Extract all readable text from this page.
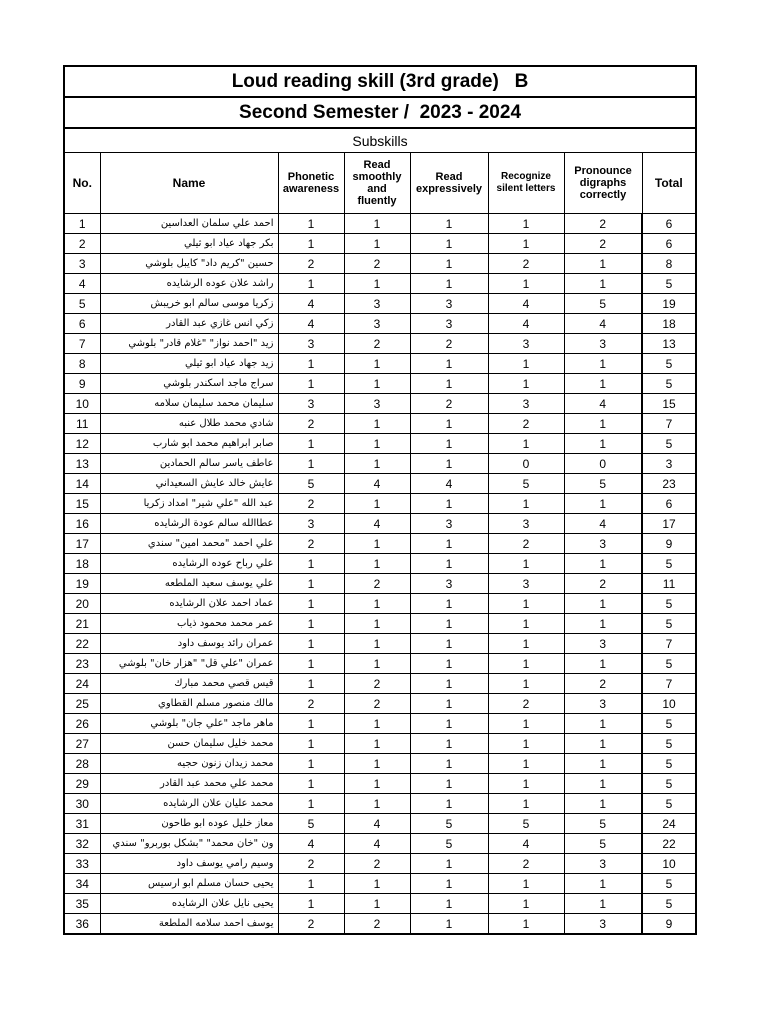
Loud reading skill (3rd grade)   B							
Second Semester /  2023 - 2024							
Subskills							
No.	Name	Phonetic
awareness	Read
smoothly
and
fluently	Read
expressively	Recognize
silent letters	Pronounce
digraphs
correctly	Total
1	احمد علي سلمان العداسين	1	1	1	1	2	6
2	بكر جهاد عياد ابو ثيلي	1	1	1	1	2	6
3	حسين "كريم داد" كايبل بلوشي	2	2	1	2	1	8
4	راشد علان عوده الرشايده	1	1	1	1	1	5
5	زكريا موسى سالم ابو خريبش	4	3	3	4	5	19
6	زكي انس غازي عبد القادر	4	3	3	4	4	18
7	زيد "احمد نواز" "غلام قادر" بلوشي	3	2	2	3	3	13
8	زيد جهاد عياد ابو ثيلي	1	1	1	1	1	5
9	سراج ماجد اسكندر بلوشي	1	1	1	1	1	5
10	سليمان محمد سليمان سلامه	3	3	2	3	4	15
11	شادي محمد طلال عنبه	2	1	1	2	1	7
12	صابر ابراهيم محمد ابو شارب	1	1	1	1	1	5
13	عاطف ياسر سالم الحمادين	1	1	1	0	0	3
14	عايش خالد عايش السعيداني	5	4	4	5	5	23
15	عبد الله "علي شير" امداد زكريا	2	1	1	1	1	6
16	عطاالله سالم عودة الرشايده	3	4	3	3	4	17
17	علي احمد "محمد امين" سندي	2	1	1	2	3	9
18	علي رباح عوده الرشايده	1	1	1	1	1	5
19	علي يوسف سعيد الملطعه	1	2	3	3	2	11
20	عماد احمد علان الرشايده	1	1	1	1	1	5
21	عمر محمد محمود ذياب	1	1	1	1	1	5
22	عمران رائد يوسف داود	1	1	1	1	3	7
23	عمران "علي قل" "هزار خان" بلوشي	1	1	1	1	1	5
24	قيس قصي محمد مبارك	1	2	1	1	2	7
25	مالك منصور مسلم القطاوي	2	2	1	2	3	10
26	ماهر ماجد "علي جان" بلوشي	1	1	1	1	1	5
27	محمد خليل سليمان حسن	1	1	1	1	1	5
28	محمد زيدان زنون حجيه	1	1	1	1	1	5
29	محمد علي محمد عبد القادر	1	1	1	1	1	5
30	محمد عليان علان الرشايده	1	1	1	1	1	5
31	معاز خليل عوده ابو طاحون	5	4	5	5	5	24
32	ون "خان محمد" "بشكل بوربرو" سندي	4	4	5	4	5	22
33	وسيم رامي يوسف داود	2	2	1	2	3	10
34	يحيى حسان مسلم ابو ارسيس	1	1	1	1	1	5
35	يحيى نايل علان الرشايده	1	1	1	1	1	5
36	يوسف احمد سلامه الملطعة	2	2	1	1	3	9
